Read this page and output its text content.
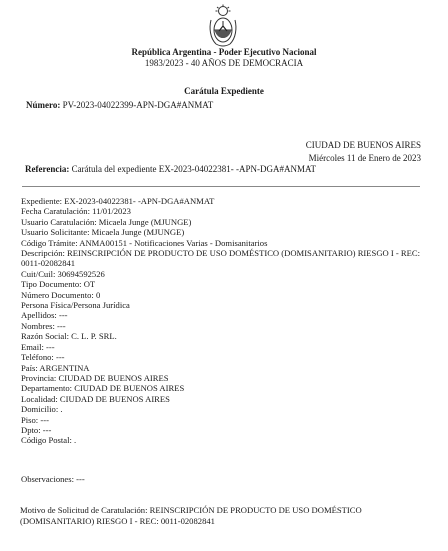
República Argentina - Poder Ejecutivo Nacional
1983/2023 - 40 AÑOS DE DEMOCRACIA
Carátula Expediente
Número: PV-2023-04022399-APN-DGA#ANMAT
CIUDAD DE BUENOS AIRES
Miércoles 11 de Enero de 2023
Referencia: Carátula del expediente EX-2023-04022381- -APN-DGA#ANMAT
Expediente: EX-2023-04022381- -APN-DGA#ANMAT
Fecha Caratulación: 11/01/2023
Usuario Caratulación: Micaela Junge (MJUNGE)
Usuario Solicitante: Micaela Junge (MJUNGE)
Código Trámite: ANMA00151 - Notificaciones Varias - Domisanitarios
Descripción: REINSCRIPCIÓN DE PRODUCTO DE USO DOMÉSTICO (DOMISANITARIO) RIESGO I - REC: 0011-02082841
Cuit/Cuil: 30694592526
Tipo Documento: OT
Número Documento: 0
Persona Física/Persona Jurídica
Apellidos: ---
Nombres: ---
Razón Social: C. L. P. SRL.
Email: ---
Teléfono: ---
País: ARGENTINA
Provincia: CIUDAD DE BUENOS AIRES
Departamento: CIUDAD DE BUENOS AIRES
Localidad: CIUDAD DE BUENOS AIRES
Domicilio: .
Piso: ---
Dpto: ---
Código Postal: .
Observaciones: ---
Motivo de Solicitud de Caratulación: REINSCRIPCIÓN DE PRODUCTO DE USO DOMÉSTICO (DOMISANITARIO) RIESGO I - REC: 0011-02082841
